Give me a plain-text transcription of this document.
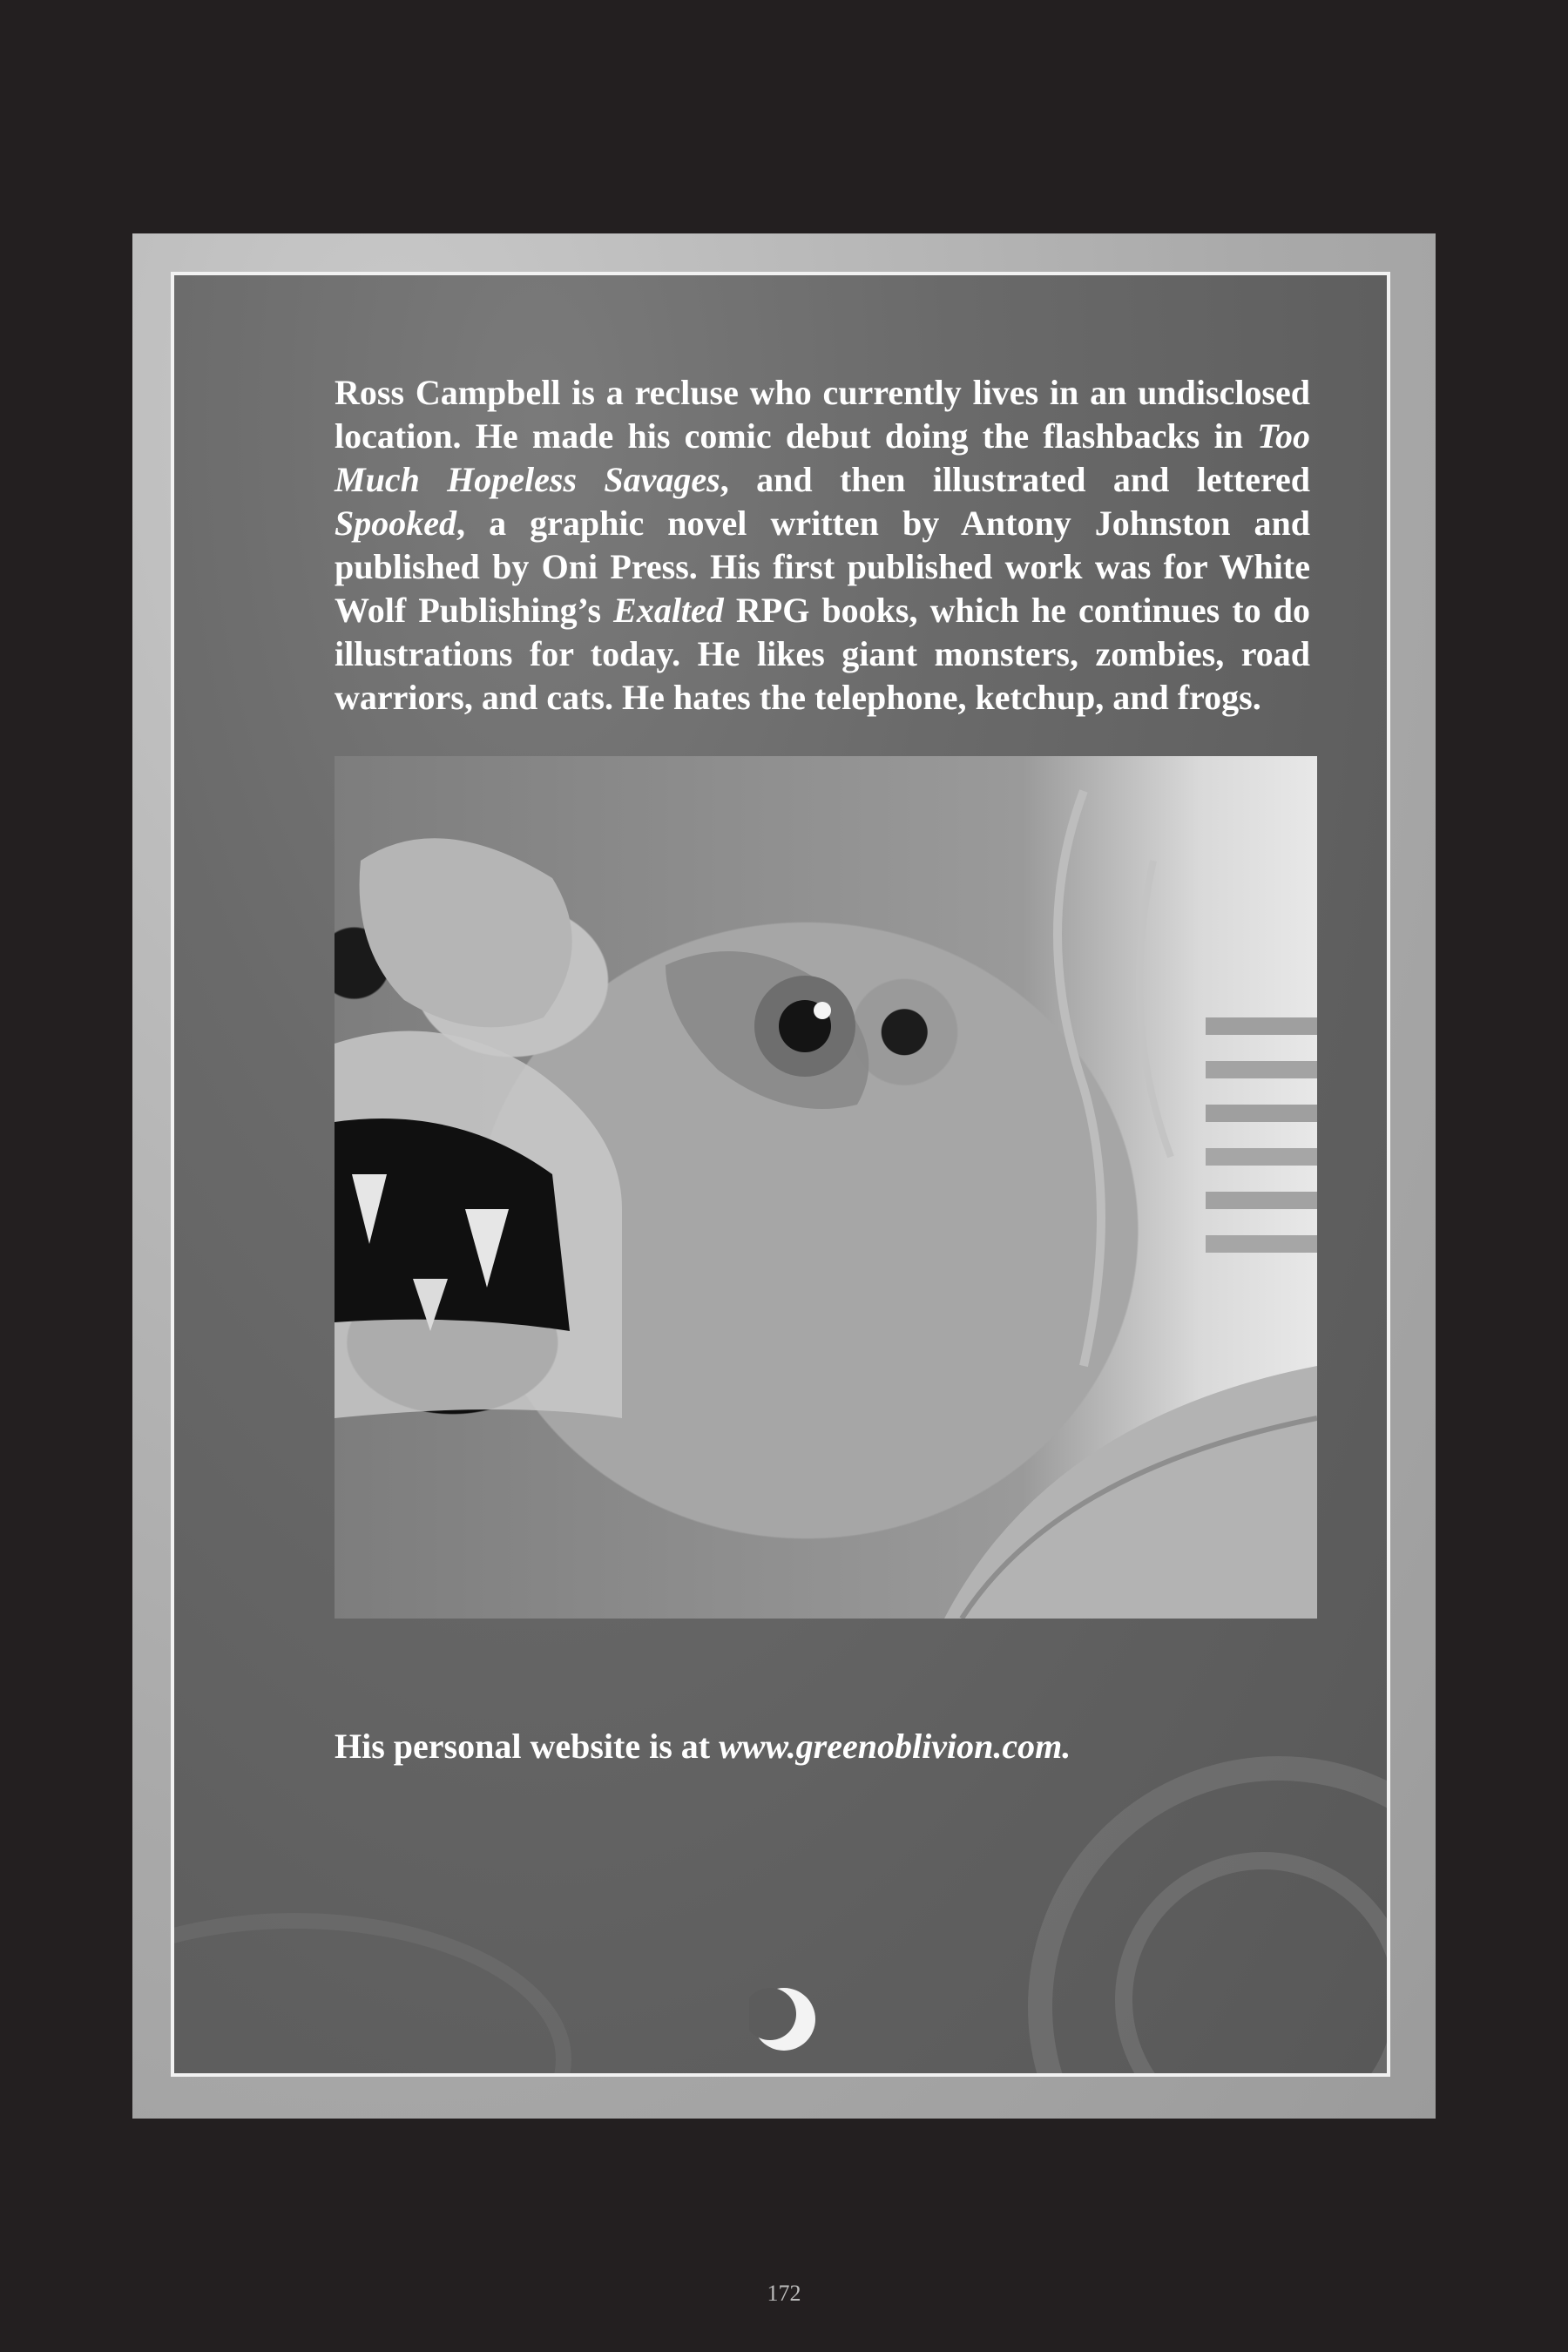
Ross Campbell is a recluse who currently lives in an undisclosed location. He made his comic debut doing the flashbacks in Too Much Hopeless Savages, and then illustrated and lettered Spooked, a graphic novel written by Antony Johnston and published by Oni Press. His first published work was for White Wolf Publishing’s Exalted RPG books, which he continues to do illustrations for today. He likes giant monsters, zombies, road warriors, and cats. He hates the telephone, ketchup, and frogs.

His personal website is at www.greenoblivion.com.

172
